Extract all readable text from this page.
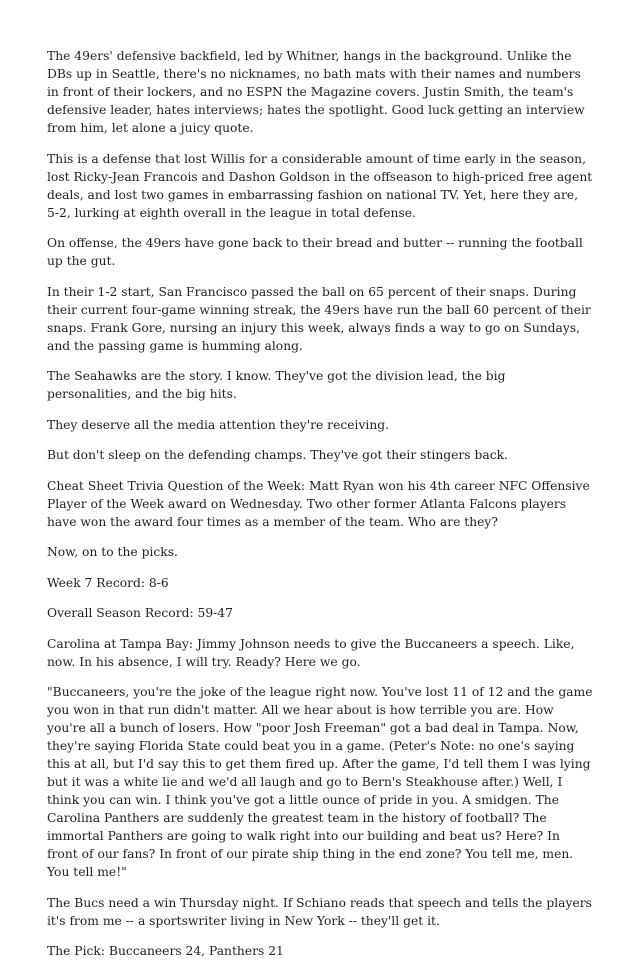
The 49ers' defensive backfield, led by Whitner, hangs in the background. Unlike the DBs up in Seattle, there's no nicknames, no bath mats with their names and numbers in front of their lockers, and no ESPN the Magazine covers. Justin Smith, the team's defensive leader, hates interviews; hates the spotlight. Good luck getting an interview from him, let alone a juicy quote.

This is a defense that lost Willis for a considerable amount of time early in the season, lost Ricky-Jean Francois and Dashon Goldson in the offseason to high-priced free agent deals, and lost two games in embarrassing fashion on national TV. Yet, here they are, 5-2, lurking at eighth overall in the league in total defense.

On offense, the 49ers have gone back to their bread and butter -- running the football up the gut.

In their 1-2 start, San Francisco passed the ball on 65 percent of their snaps. During their current four-game winning streak, the 49ers have run the ball 60 percent of their snaps. Frank Gore, nursing an injury this week, always finds a way to go on Sundays, and the passing game is humming along.

The Seahawks are the story. I know. They've got the division lead, the big personalities, and the big hits.

They deserve all the media attention they're receiving.

But don't sleep on the defending champs. They've got their stingers back.

Cheat Sheet Trivia Question of the Week: Matt Ryan won his 4th career NFC Offensive Player of the Week award on Wednesday. Two other former Atlanta Falcons players have won the award four times as a member of the team. Who are they?

Now, on to the picks.

Week 7 Record: 8-6

Overall Season Record: 59-47

Carolina at Tampa Bay: Jimmy Johnson needs to give the Buccaneers a speech. Like, now. In his absence, I will try. Ready? Here we go.

"Buccaneers, you're the joke of the league right now. You've lost 11 of 12 and the game you won in that run didn't matter. All we hear about is how terrible you are. How you're all a bunch of losers. How "poor Josh Freeman" got a bad deal in Tampa. Now, they're saying Florida State could beat you in a game. (Peter's Note: no one's saying this at all, but I'd say this to get them fired up. After the game, I'd tell them I was lying but it was a white lie and we'd all laugh and go to Bern's Steakhouse after.) Well, I think you can win. I think you've got a little ounce of pride in you. A smidgen. The Carolina Panthers are suddenly the greatest team in the history of football? The immortal Panthers are going to walk right into our building and beat us? Here? In front of our fans? In front of our pirate ship thing in the end zone? You tell me, men. You tell me!"

The Bucs need a win Thursday night. If Schiano reads that speech and tells the players it's from me -- a sportswriter living in New York -- they'll get it.

The Pick: Buccaneers 24, Panthers 21
